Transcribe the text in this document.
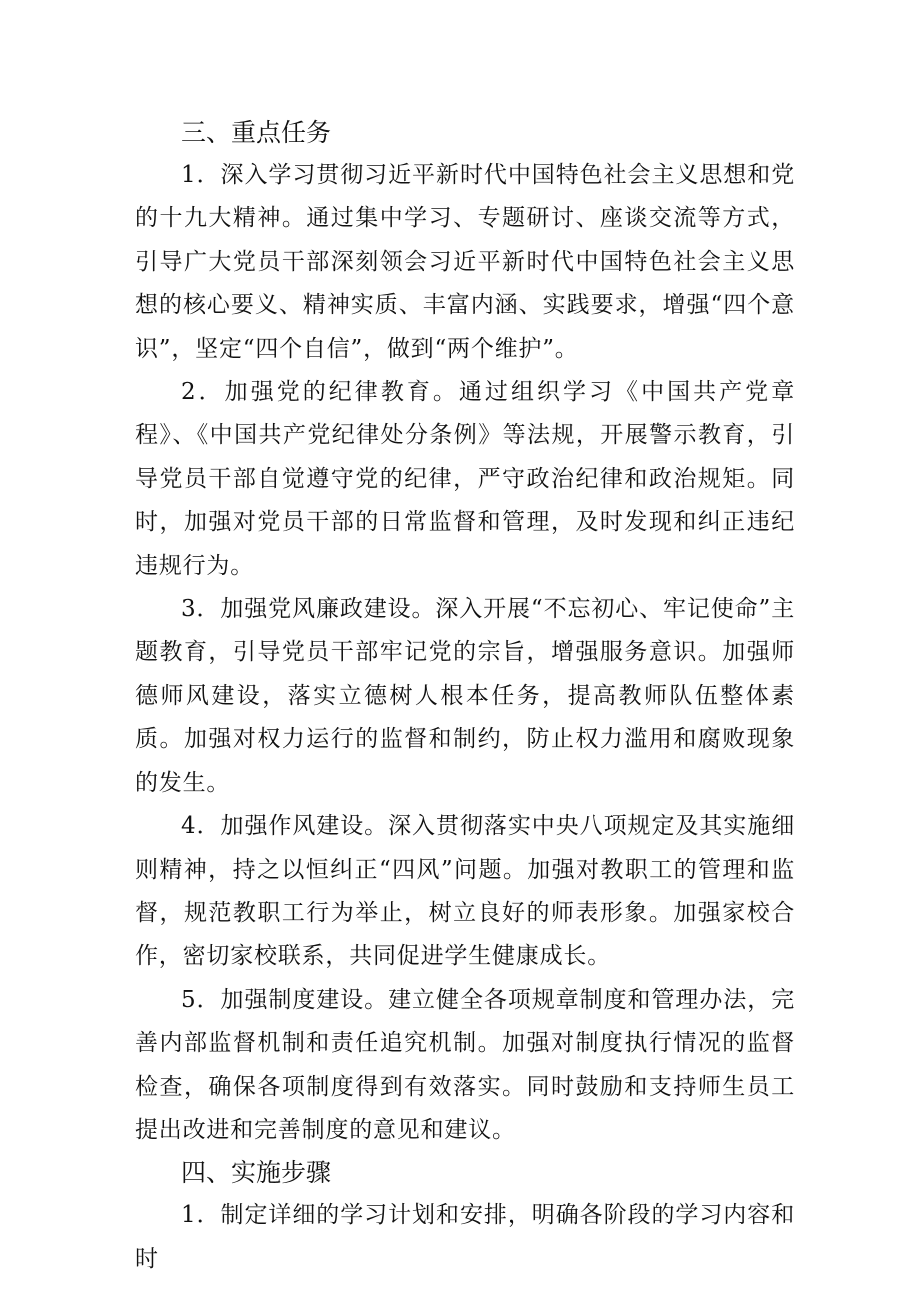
三、重点任务

1．深入学习贯彻习近平新时代中国特色社会主义思想和党的十九大精神。通过集中学习、专题研讨、座谈交流等方式，引导广大党员干部深刻领会习近平新时代中国特色社会主义思想的核心要义、精神实质、丰富内涵、实践要求，增强“四个意识”，坚定“四个自信”，做到“两个维护”。

2．加强党的纪律教育。通过组织学习《中国共产党章程》、《中国共产党纪律处分条例》等法规，开展警示教育，引导党员干部自觉遵守党的纪律，严守政治纪律和政治规矩。同时，加强对党员干部的日常监督和管理，及时发现和纠正违纪违规行为。

3．加强党风廉政建设。深入开展“不忘初心、牢记使命”主题教育，引导党员干部牢记党的宗旨，增强服务意识。加强师德师风建设，落实立德树人根本任务，提高教师队伍整体素质。加强对权力运行的监督和制约，防止权力滥用和腐败现象的发生。

4．加强作风建设。深入贯彻落实中央八项规定及其实施细则精神，持之以恒纠正“四风”问题。加强对教职工的管理和监督，规范教职工行为举止，树立良好的师表形象。加强家校合作，密切家校联系，共同促进学生健康成长。

5．加强制度建设。建立健全各项规章制度和管理办法，完善内部监督机制和责任追究机制。加强对制度执行情况的监督检查，确保各项制度得到有效落实。同时鼓励和支持师生员工提出改进和完善制度的意见和建议。

四、实施步骤

1．制定详细的学习计划和安排，明确各阶段的学习内容和时
